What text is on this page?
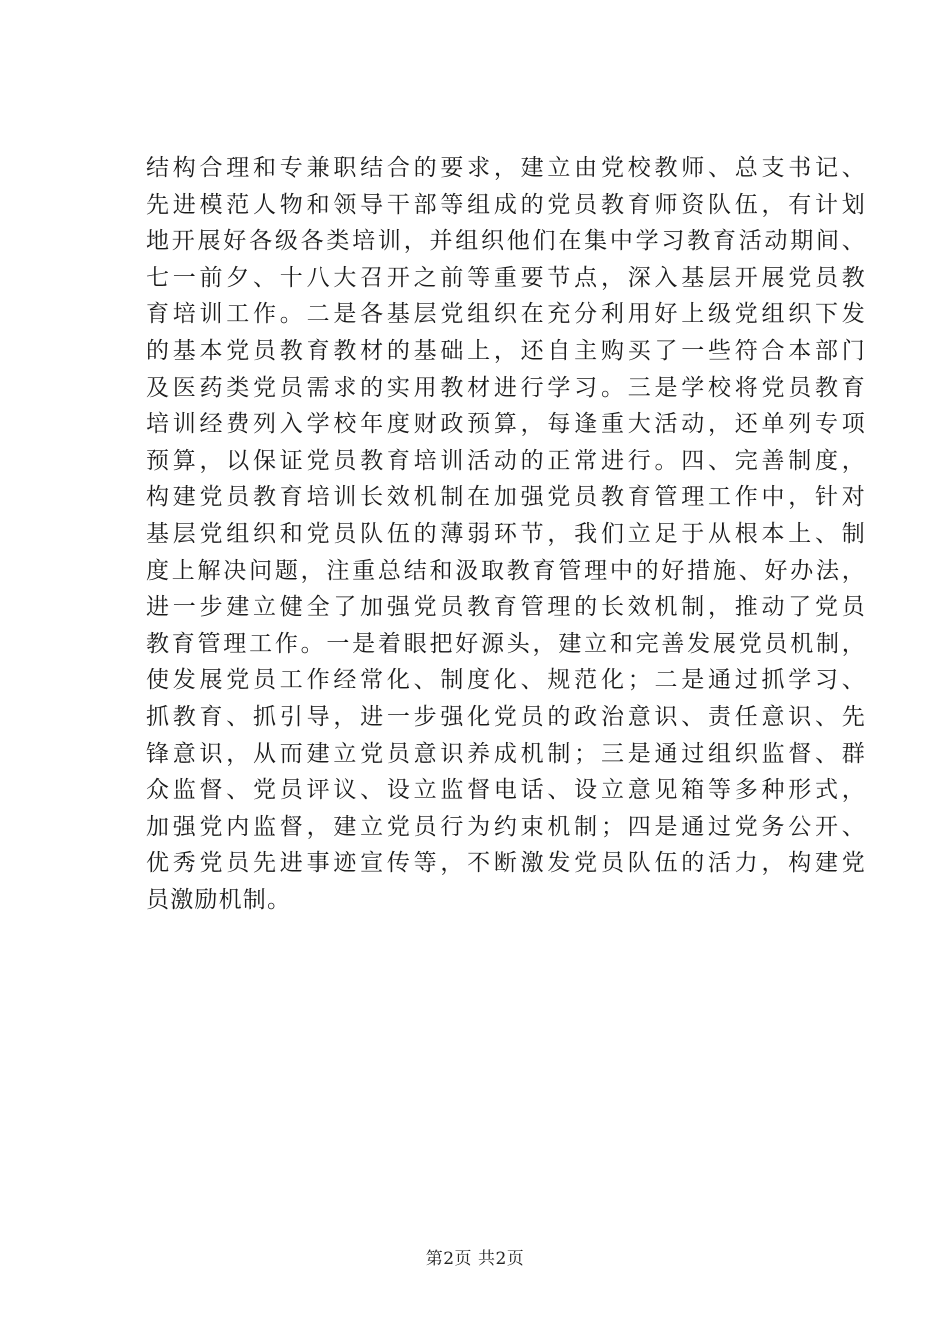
结构合理和专兼职结合的要求，建立由党校教师、总支书记、
先进模范人物和领导干部等组成的党员教育师资队伍，有计划
地开展好各级各类培训，并组织他们在集中学习教育活动期间、
七一前夕、十八大召开之前等重要节点，深入基层开展党员教
育培训工作。二是各基层党组织在充分利用好上级党组织下发
的基本党员教育教材的基础上，还自主购买了一些符合本部门
及医药类党员需求的实用教材进行学习。三是学校将党员教育
培训经费列入学校年度财政预算，每逢重大活动，还单列专项
预算，以保证党员教育培训活动的正常进行。四、完善制度，
构建党员教育培训长效机制在加强党员教育管理工作中，针对
基层党组织和党员队伍的薄弱环节，我们立足于从根本上、制
度上解决问题，注重总结和汲取教育管理中的好措施、好办法，
进一步建立健全了加强党员教育管理的长效机制，推动了党员
教育管理工作。一是着眼把好源头，建立和完善发展党员机制，
使发展党员工作经常化、制度化、规范化；二是通过抓学习、
抓教育、抓引导，进一步强化党员的政治意识、责任意识、先
锋意识，从而建立党员意识养成机制；三是通过组织监督、群
众监督、党员评议、设立监督电话、设立意见箱等多种形式，
加强党内监督，建立党员行为约束机制；四是通过党务公开、
优秀党员先进事迹宣传等，不断激发党员队伍的活力，构建党
员激励机制。
第2页 共2页
